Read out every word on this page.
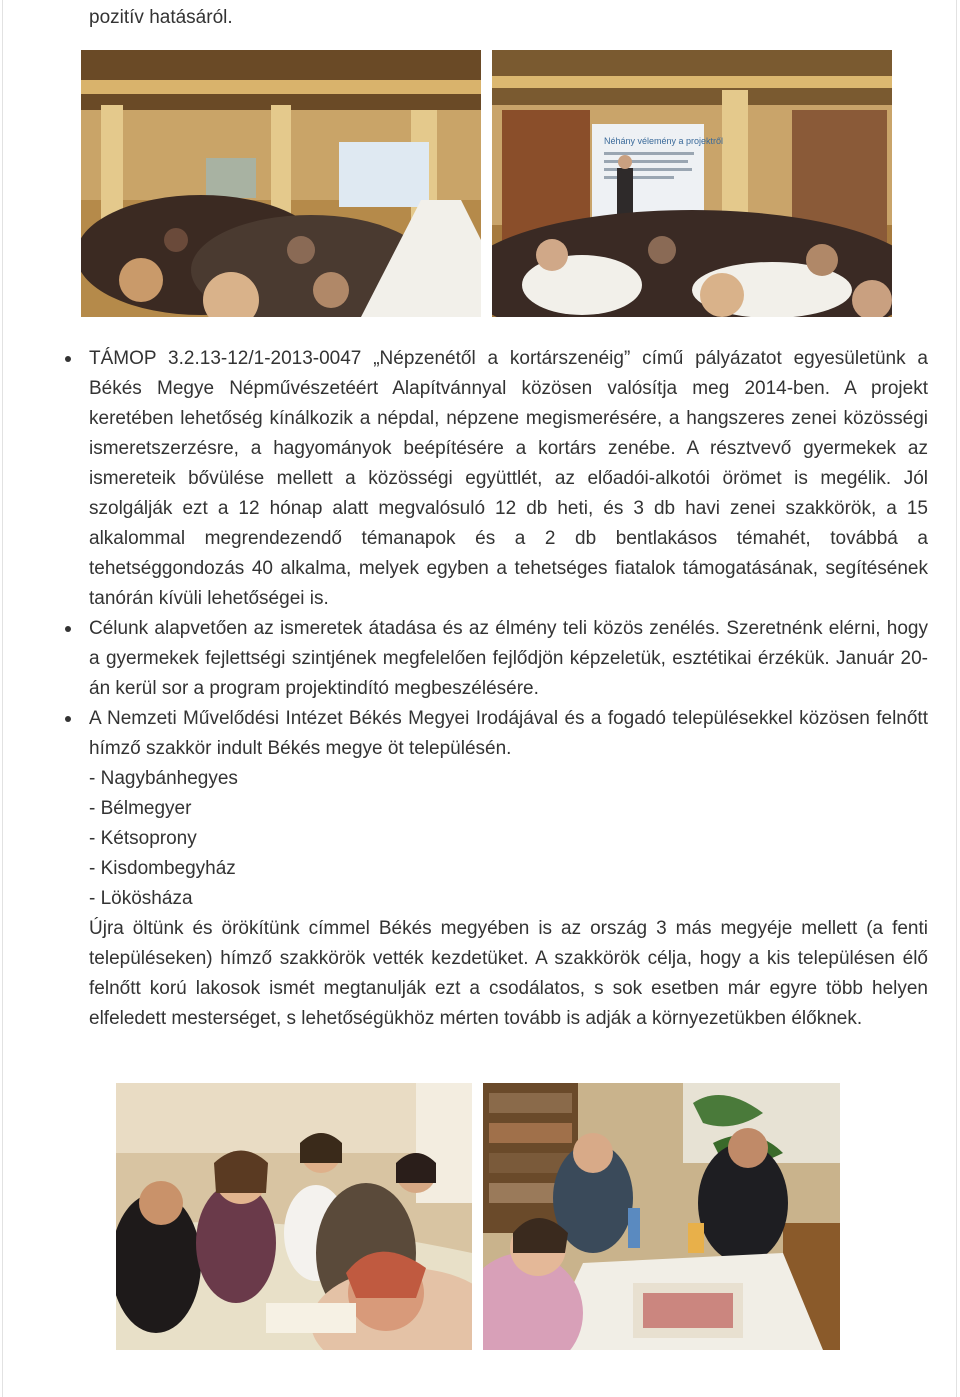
pozitív hatásáról.
Néhány vélemény a projektről
TÁMOP 3.2.13-12/1-2013-0047 „Népzenétől a kortárszenéig” című pályázatot egyesületünk a Békés Megye Népművészetéért Alapítvánnyal közösen valósítja meg 2014-ben. A projekt keretében lehetőség kínálkozik a népdal, népzene megismerésére, a hangszeres zenei közösségi ismeretszerzésre, a hagyományok beépítésére a kortárs zenébe. A résztvevő gyermekek az ismereteik bővülése mellett a közösségi együttlét, az előadói-alkotói örömet is megélik. Jól szolgálják ezt a 12 hónap alatt megvalósuló 12 db heti, és 3 db havi zenei szakkörök, a 15 alkalommal megrendezendő témanapok és a 2 db bentlakásos témahét, továbbá a tehetséggondozás 40 alkalma, melyek egyben a tehetséges fiatalok támogatásának, segítésének tanórán kívüli lehetőségei is.
Célunk alapvetően az ismeretek átadása és az élmény teli közös zenélés. Szeretnénk elérni, hogy a gyermekek fejlettségi szintjének megfelelően fejlődjön képzeletük, esztétikai érzékük. Január 20-án kerül sor a program projektindító megbeszélésére.
A Nemzeti Művelődési Intézet Békés Megyei Irodájával és a fogadó településekkel közösen felnőtt hímző szakkör indult Békés megye öt településén.
- Nagybánhegyes
- Bélmegyer
- Kétsoprony
- Kisdombegyház
- Lökösháza
Újra öltünk és örökítünk címmel Békés megyében is az ország 3 más megyéje mellett (a fenti településeken) hímző szakkörök vették kezdetüket. A szakkörök célja, hogy a kis településen élő felnőtt korú lakosok ismét megtanulják ezt a csodálatos, s sok esetben már egyre több helyen elfeledett mesterséget, s lehetőségükhöz mérten tovább is adják a környezetükben élőknek.
